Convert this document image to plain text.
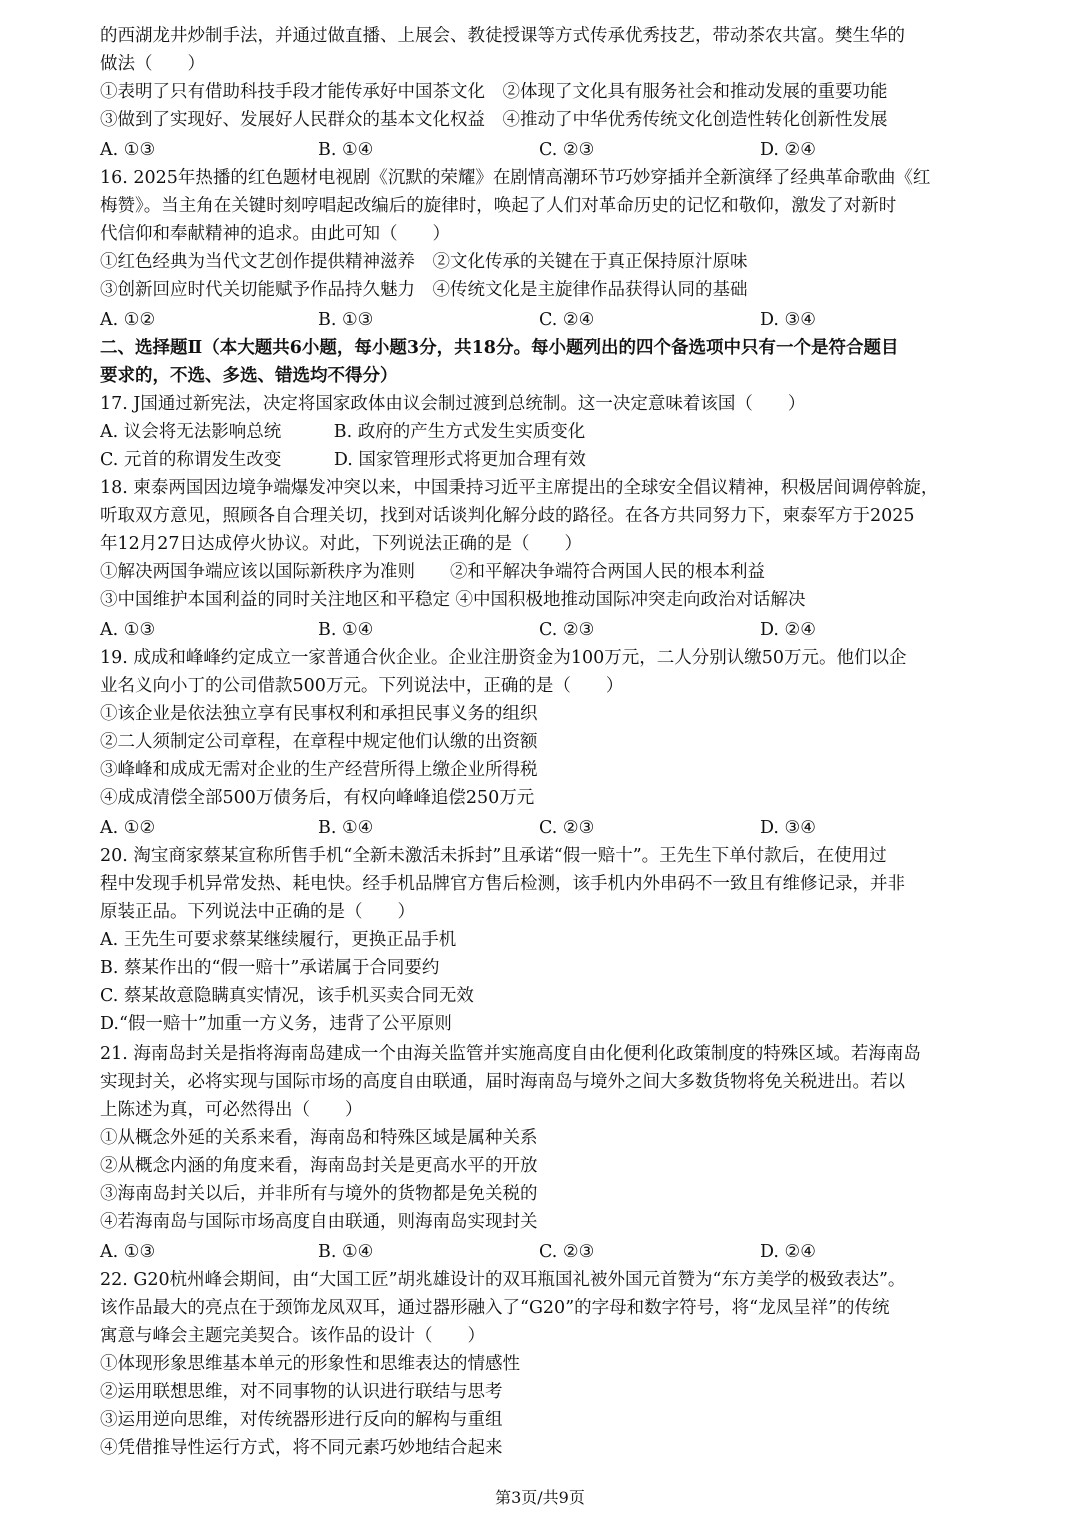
的西湖龙井炒制手法，并通过做直播、上展会、教徒授课等方式传承优秀技艺，带动茶农共富。樊生华的
做法（　　）
①表明了只有借助科技手段才能传承好中国茶文化　②体现了文化具有服务社会和推动发展的重要功能
③做到了实现好、发展好人民群众的基本文化权益　④推动了中华优秀传统文化创造性转化创新性发展
A. ①③	B. ①④	C. ②③	D. ②④
16. 2025年热播的红色题材电视剧《沉默的荣耀》在剧情高潮环节巧妙穿插并全新演绎了经典革命歌曲《红
梅赞》。当主角在关键时刻哼唱起改编后的旋律时，唤起了人们对革命历史的记忆和敬仰，激发了对新时
代信仰和奉献精神的追求。由此可知（　　）
①红色经典为当代文艺创作提供精神滋养　②文化传承的关键在于真正保持原汁原味
③创新回应时代关切能赋予作品持久魅力　④传统文化是主旋律作品获得认同的基础
A. ①②	B. ①③	C. ②④	D. ③④
二、选择题Ⅱ（本大题共6小题，每小题3分，共18分。每小题列出的四个备选项中只有一个是符合题目
要求的，不选、多选、错选均不得分）
17. J国通过新宪法，决定将国家政体由议会制过渡到总统制。这一决定意味着该国（　　）
A. 议会将无法影响总统　　　B. 政府的产生方式发生实质变化
C. 元首的称谓发生改变　　　D. 国家管理形式将更加合理有效
18. 柬泰两国因边境争端爆发冲突以来，中国秉持习近平主席提出的全球安全倡议精神，积极居间调停斡旋，
听取双方意见，照顾各自合理关切，找到对话谈判化解分歧的路径。在各方共同努力下，柬泰军方于2025
年12月27日达成停火协议。对此，下列说法正确的是（　　）
①解决两国争端应该以国际新秩序为准则　　②和平解决争端符合两国人民的根本利益
③中国维护本国利益的同时关注地区和平稳定 ④中国积极地推动国际冲突走向政治对话解决
A. ①③	B. ①④	C. ②③	D. ②④
19. 成成和峰峰约定成立一家普通合伙企业。企业注册资金为100万元，二人分别认缴50万元。他们以企
业名义向小丁的公司借款500万元。下列说法中，正确的是（　　）
①该企业是依法独立享有民事权利和承担民事义务的组织
②二人须制定公司章程，在章程中规定他们认缴的出资额
③峰峰和成成无需对企业的生产经营所得上缴企业所得税
④成成清偿全部500万债务后，有权向峰峰追偿250万元
A. ①②	B. ①④	C. ②③	D. ③④
20. 淘宝商家蔡某宣称所售手机“全新未激活未拆封”且承诺“假一赔十”。王先生下单付款后，在使用过
程中发现手机异常发热、耗电快。经手机品牌官方售后检测，该手机内外串码不一致且有维修记录，并非
原装正品。下列说法中正确的是（　　）
A. 王先生可要求蔡某继续履行，更换正品手机
B. 蔡某作出的“假一赔十”承诺属于合同要约
C. 蔡某故意隐瞒真实情况，该手机买卖合同无效
D.“假一赔十”加重一方义务，违背了公平原则
21. 海南岛封关是指将海南岛建成一个由海关监管并实施高度自由化便利化政策制度的特殊区域。若海南岛
实现封关，必将实现与国际市场的高度自由联通，届时海南岛与境外之间大多数货物将免关税进出。若以
上陈述为真，可必然得出（　　）
①从概念外延的关系来看，海南岛和特殊区域是属种关系
②从概念内涵的角度来看，海南岛封关是更高水平的开放
③海南岛封关以后，并非所有与境外的货物都是免关税的
④若海南岛与国际市场高度自由联通，则海南岛实现封关
A. ①③	B. ①④	C. ②③	D. ②④
22. G20杭州峰会期间，由“大国工匠”胡兆雄设计的双耳瓶国礼被外国元首赞为“东方美学的极致表达”。
该作品最大的亮点在于颈饰龙凤双耳，通过器形融入了“G20”的字母和数字符号，将“龙凤呈祥”的传统
寓意与峰会主题完美契合。该作品的设计（　　）
①体现形象思维基本单元的形象性和思维表达的情感性
②运用联想思维，对不同事物的认识进行联结与思考
③运用逆向思维，对传统器形进行反向的解构与重组
④凭借推导性运行方式，将不同元素巧妙地结合起来
第3页/共9页
